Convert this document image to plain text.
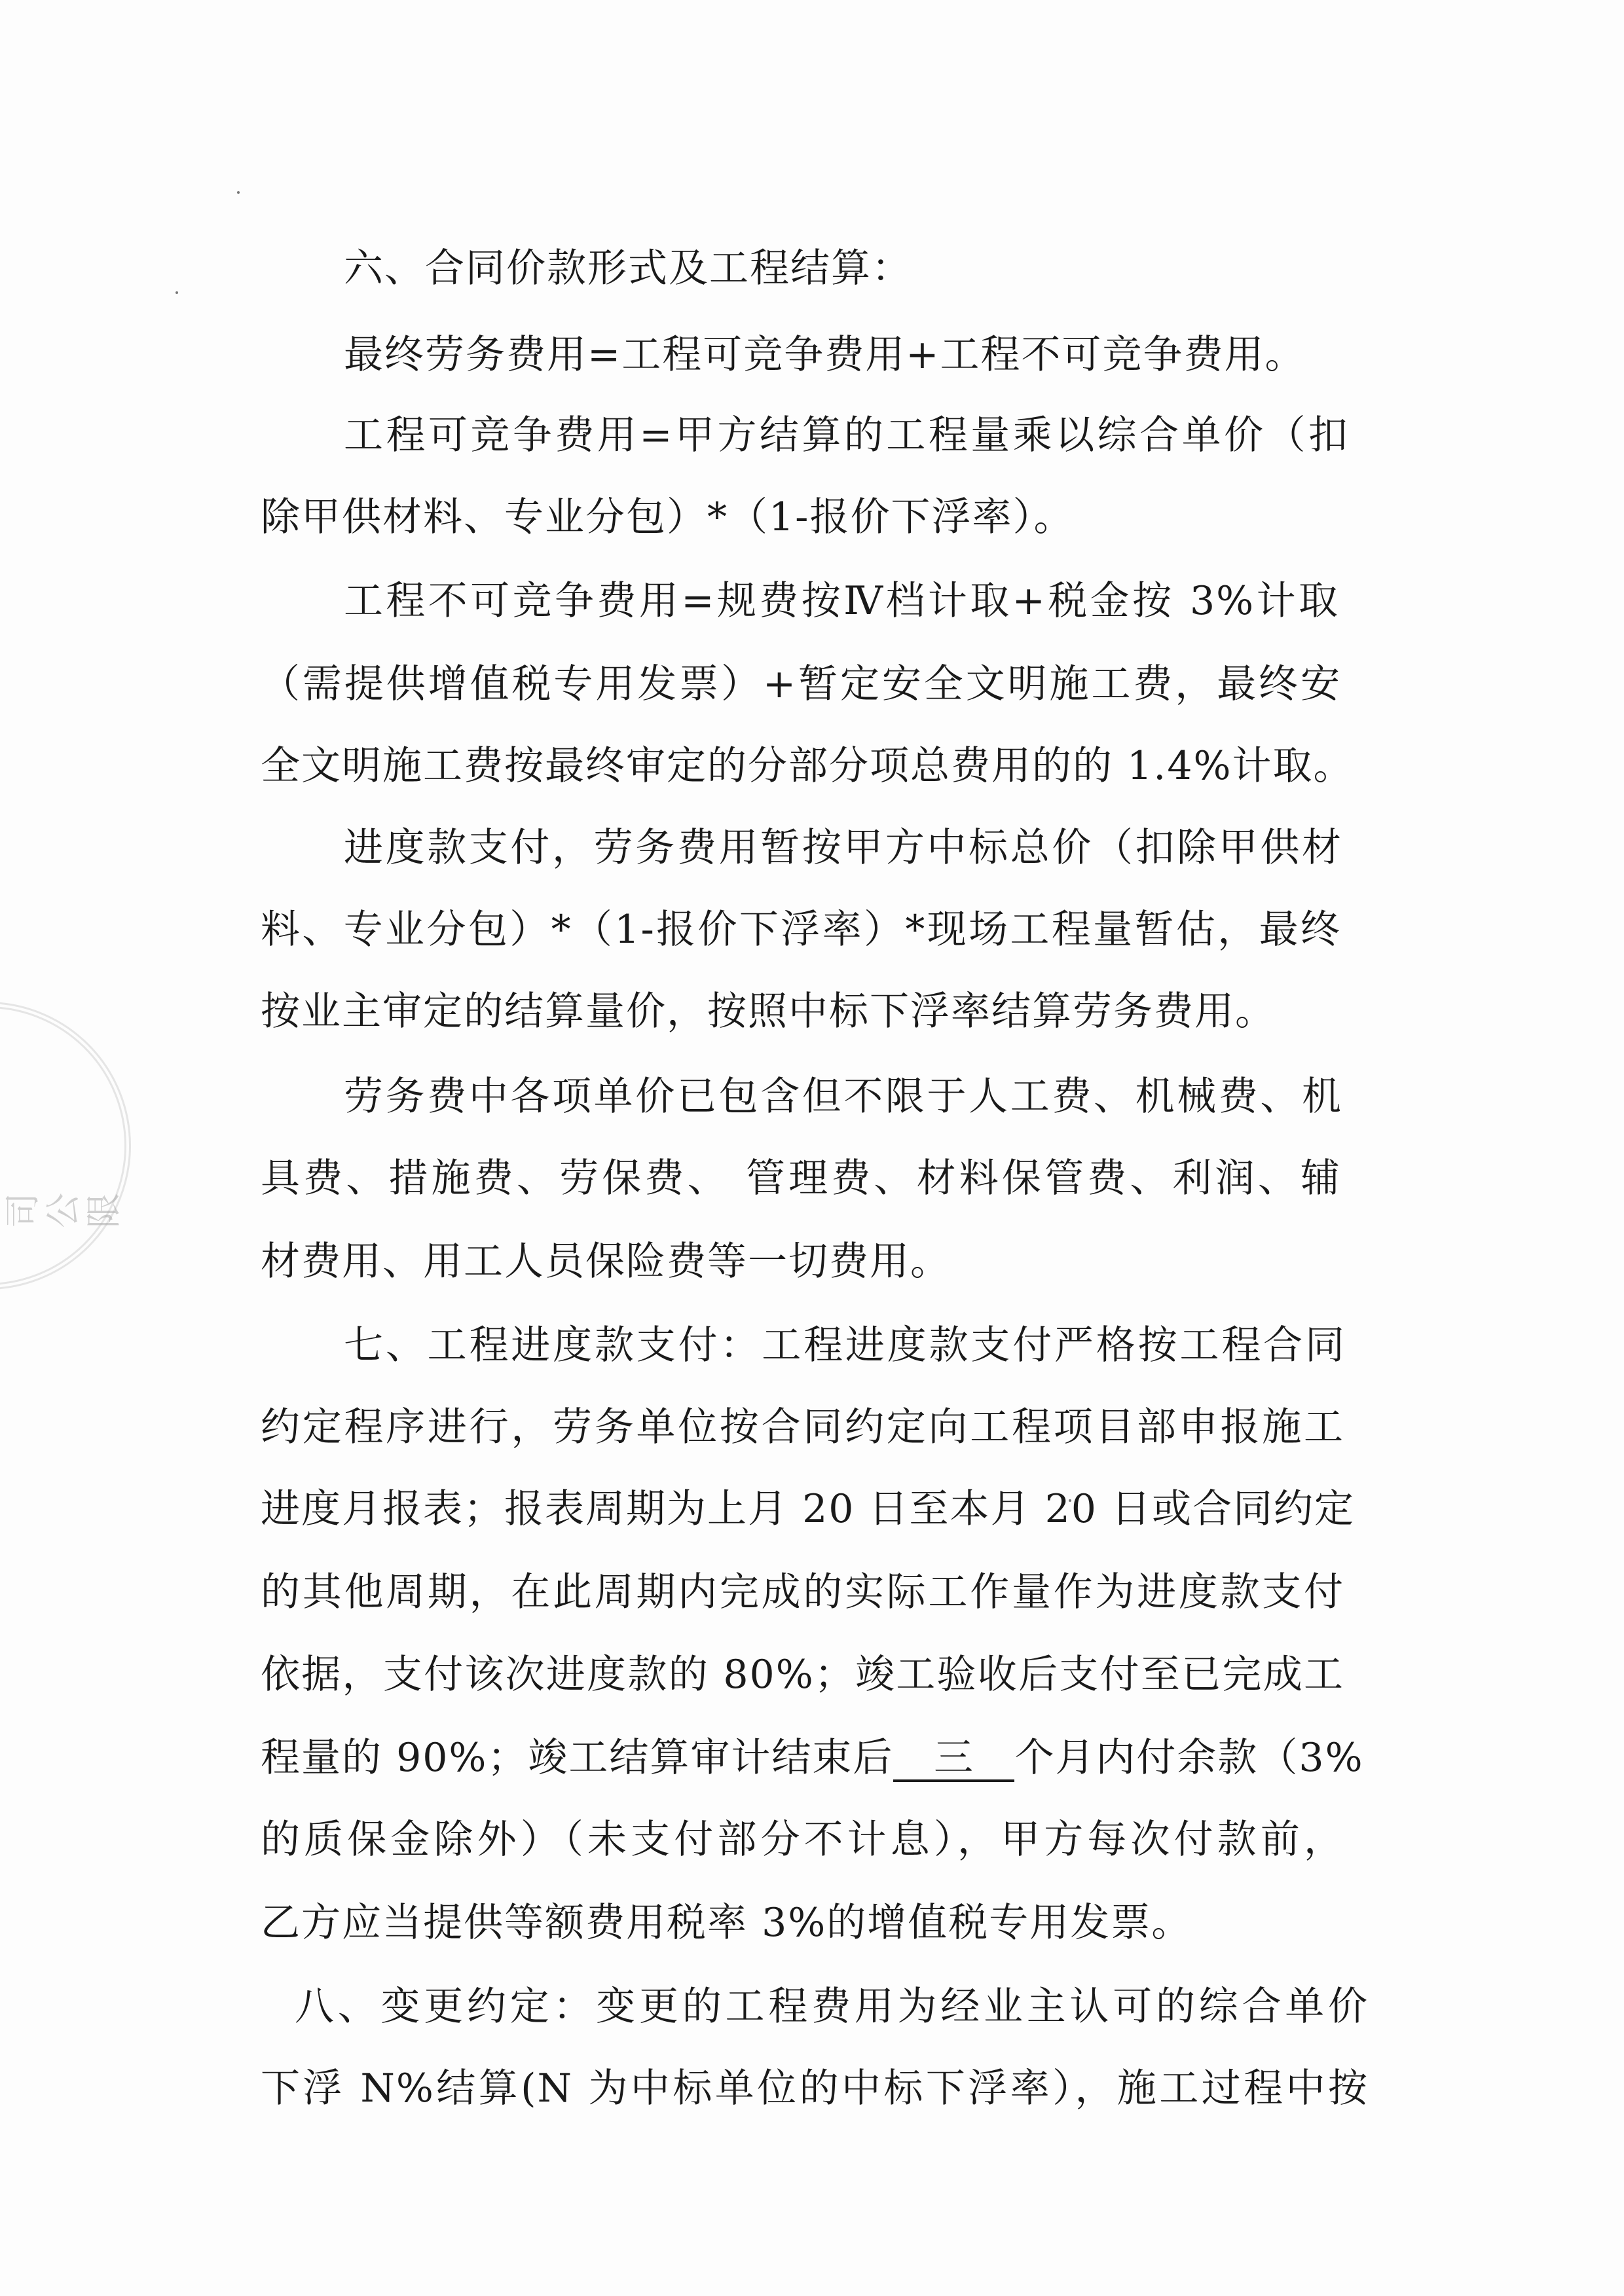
司公限
六、合同价款形式及工程结算：
最终劳务费用=工程可竞争费用+工程不可竞争费用。
工程可竞争费用=甲方结算的工程量乘以综合单价（扣
除甲供材料、专业分包）*（1-报价下浮率）。
工程不可竞争费用=规费按Ⅳ档计取+税金按 3%计取
（需提供增值税专用发票）+暂定安全文明施工费，最终安
全文明施工费按最终审定的分部分项总费用的的 1.4%计取。
进度款支付，劳务费用暂按甲方中标总价（扣除甲供材
料、专业分包）*（1-报价下浮率）*现场工程量暂估，最终
按业主审定的结算量价，按照中标下浮率结算劳务费用。
劳务费中各项单价已包含但不限于人工费、机械费、机
具费、措施费、劳保费、 管理费、材料保管费、利润、辅
材费用、用工人员保险费等一切费用。
七、工程进度款支付：工程进度款支付严格按工程合同
约定程序进行，劳务单位按合同约定向工程项目部申报施工
进度月报表；报表周期为上月 20 日至本月 20 日或合同约定
的其他周期，在此周期内完成的实际工作量作为进度款支付
依据，支付该次进度款的 80%；竣工验收后支付至已完成工
程量的 90%；竣工结算审计结束后 三 个月内付余款（3%
的质保金除外）（未支付部分不计息），甲方每次付款前，
乙方应当提供等额费用税率 3%的增值税专用发票。
八、变更约定：变更的工程费用为经业主认可的综合单价
下浮 N%结算(N 为中标单位的中标下浮率），施工过程中按
